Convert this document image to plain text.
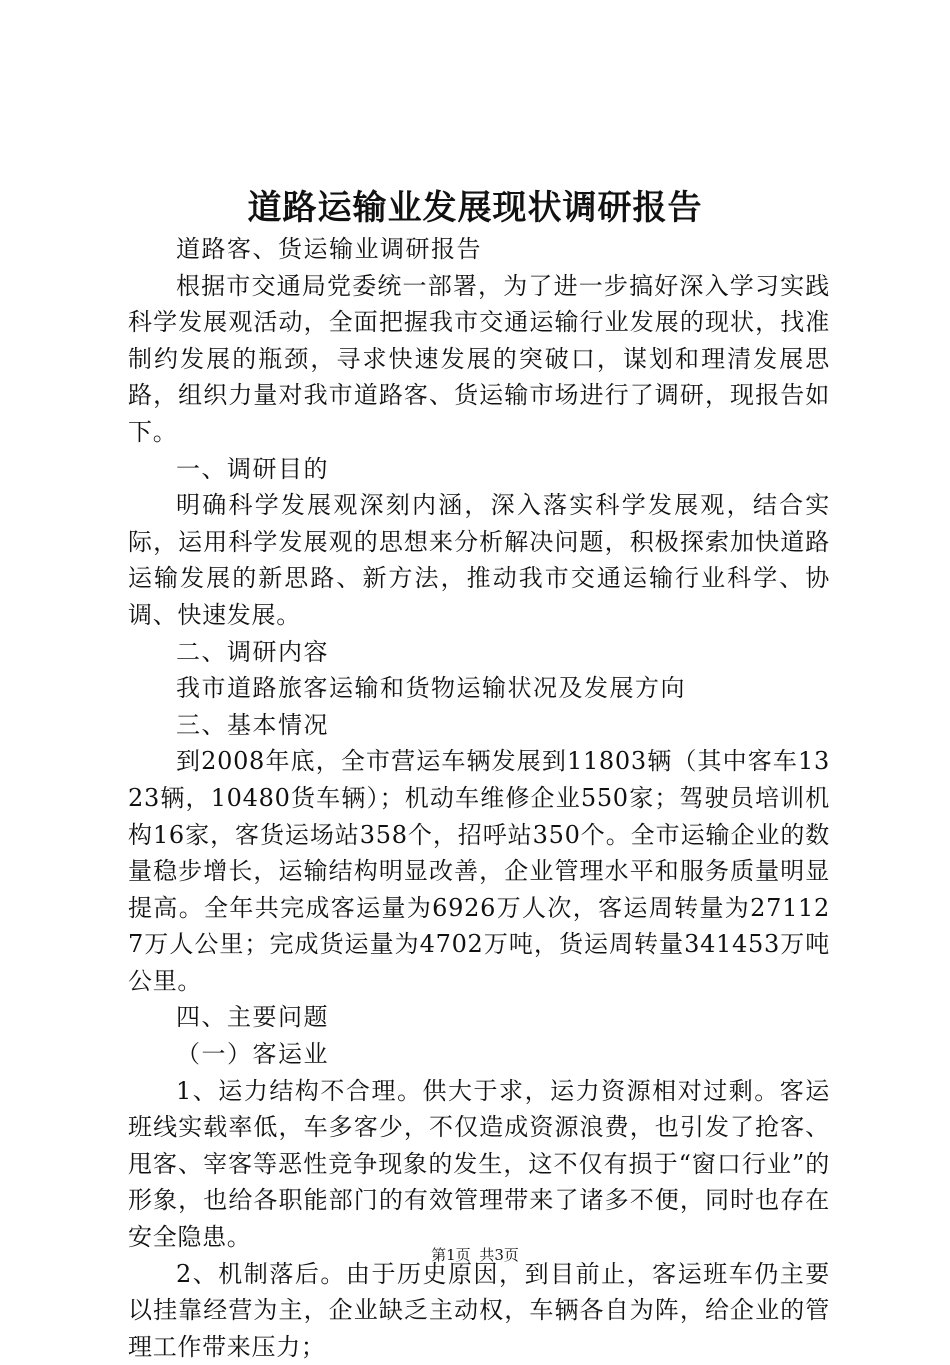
道路运输业发展现状调研报告

道路客、货运输业调研报告

根据市交通局党委统一部署，为了进一步搞好深入学习实践科学发展观活动，全面把握我市交通运输行业发展的现状，找准制约发展的瓶颈，寻求快速发展的突破口，谋划和理清发展思路，组织力量对我市道路客、货运输市场进行了调研，现报告如下。

一、调研目的

明确科学发展观深刻内涵，深入落实科学发展观，结合实际，运用科学发展观的思想来分析解决问题，积极探索加快道路运输发展的新思路、新方法，推动我市交通运输行业科学、协调、快速发展。

二、调研内容

我市道路旅客运输和货物运输状况及发展方向

三、基本情况

到2008年底，全市营运车辆发展到11803辆（其中客车1323辆，10480货车辆）；机动车维修企业550家；驾驶员培训机构16家，客货运场站358个，招呼站350个。全市运输企业的数量稳步增长，运输结构明显改善，企业管理水平和服务质量明显提高。全年共完成客运量为6926万人次，客运周转量为271127万人公里；完成货运量为4702万吨，货运周转量341453万吨公里。

四、主要问题

（一）客运业

1、运力结构不合理。供大于求，运力资源相对过剩。客运班线实载率低，车多客少，不仅造成资源浪费，也引发了抢客、甩客、宰客等恶性竞争现象的发生，这不仅有损于“窗口行业”的形象，也给各职能部门的有效管理带来了诸多不便，同时也存在安全隐患。

2、机制落后。由于历史原因，到目前止，客运班车仍主要以挂靠经营为主，企业缺乏主动权，车辆各自为阵，给企业的管理工作带来压力；

第1页 共3页
